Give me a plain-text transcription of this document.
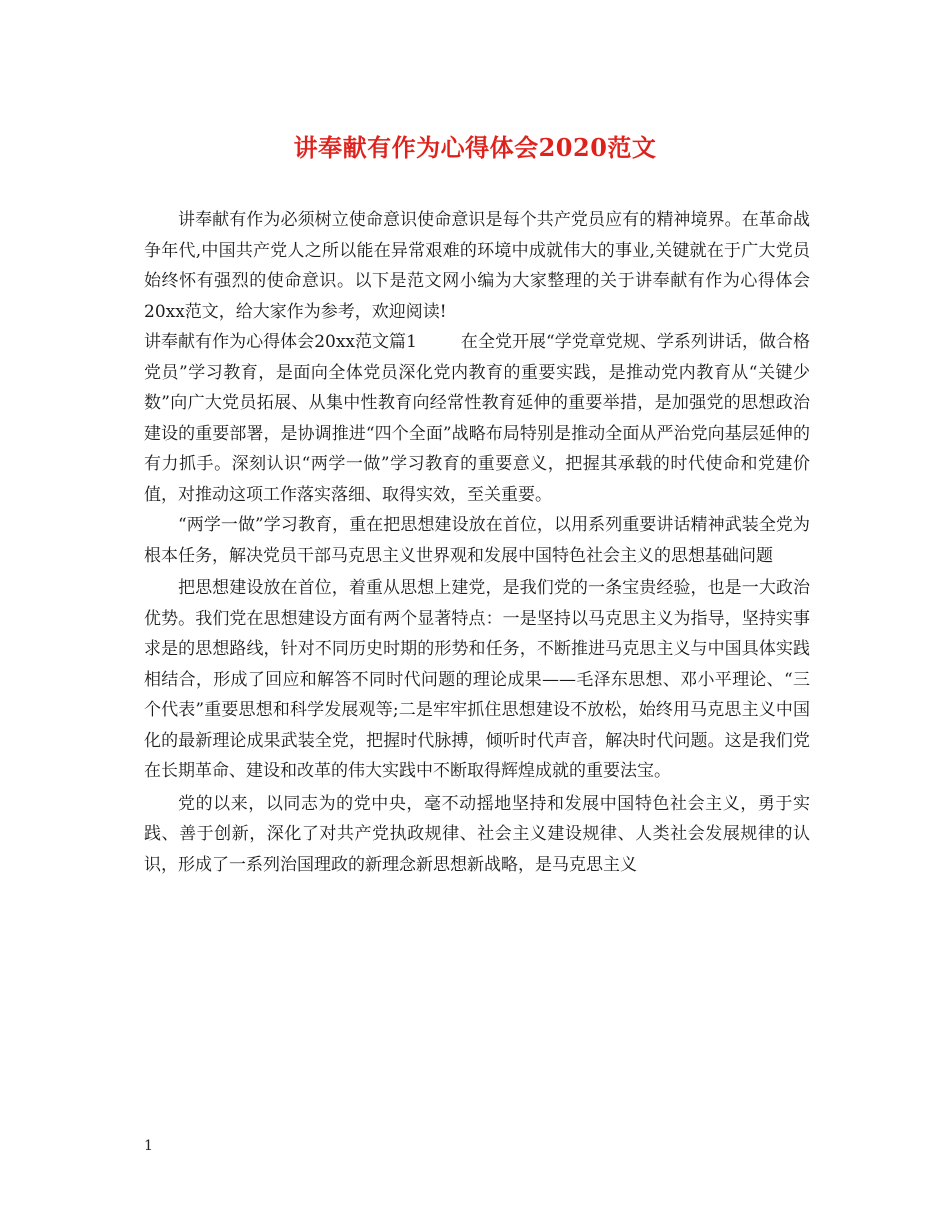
讲奉献有作为心得体会2020范文

讲奉献有作为必须树立使命意识使命意识是每个共产党员应有的精神境界。在革命战争年代,中国共产党人之所以能在异常艰难的环境中成就伟大的事业,关键就在于广大党员始终怀有强烈的使命意识。以下是范文网小编为大家整理的关于讲奉献有作为心得体会20xx范文，给大家作为参考，欢迎阅读!

讲奉献有作为心得体会20xx范文篇1	在全党开展“学党章党规、学系列讲话，做合格党员”学习教育，是面向全体党员深化党内教育的重要实践，是推动党内教育从“关键少数”向广大党员拓展、从集中性教育向经常性教育延伸的重要举措，是加强党的思想政治建设的重要部署，是协调推进“四个全面”战略布局特别是推动全面从严治党向基层延伸的有力抓手。深刻认识“两学一做”学习教育的重要意义，把握其承载的时代使命和党建价值，对推动这项工作落实落细、取得实效，至关重要。

“两学一做”学习教育，重在把思想建设放在首位，以用系列重要讲话精神武装全党为根本任务，解决党员干部马克思主义世界观和发展中国特色社会主义的思想基础问题

把思想建设放在首位，着重从思想上建党，是我们党的一条宝贵经验，也是一大政治优势。我们党在思想建设方面有两个显著特点：一是坚持以马克思主义为指导，坚持实事求是的思想路线，针对不同历史时期的形势和任务，不断推进马克思主义与中国具体实践相结合，形成了回应和解答不同时代问题的理论成果——毛泽东思想、邓小平理论、“三个代表”重要思想和科学发展观等;二是牢牢抓住思想建设不放松，始终用马克思主义中国化的最新理论成果武装全党，把握时代脉搏，倾听时代声音，解决时代问题。这是我们党在长期革命、建设和改革的伟大实践中不断取得辉煌成就的重要法宝。

党的以来，以同志为的党中央，毫不动摇地坚持和发展中国特色社会主义，勇于实践、善于创新，深化了对共产党执政规律、社会主义建设规律、人类社会发展规律的认识，形成了一系列治国理政的新理念新思想新战略，是马克思主义

1
